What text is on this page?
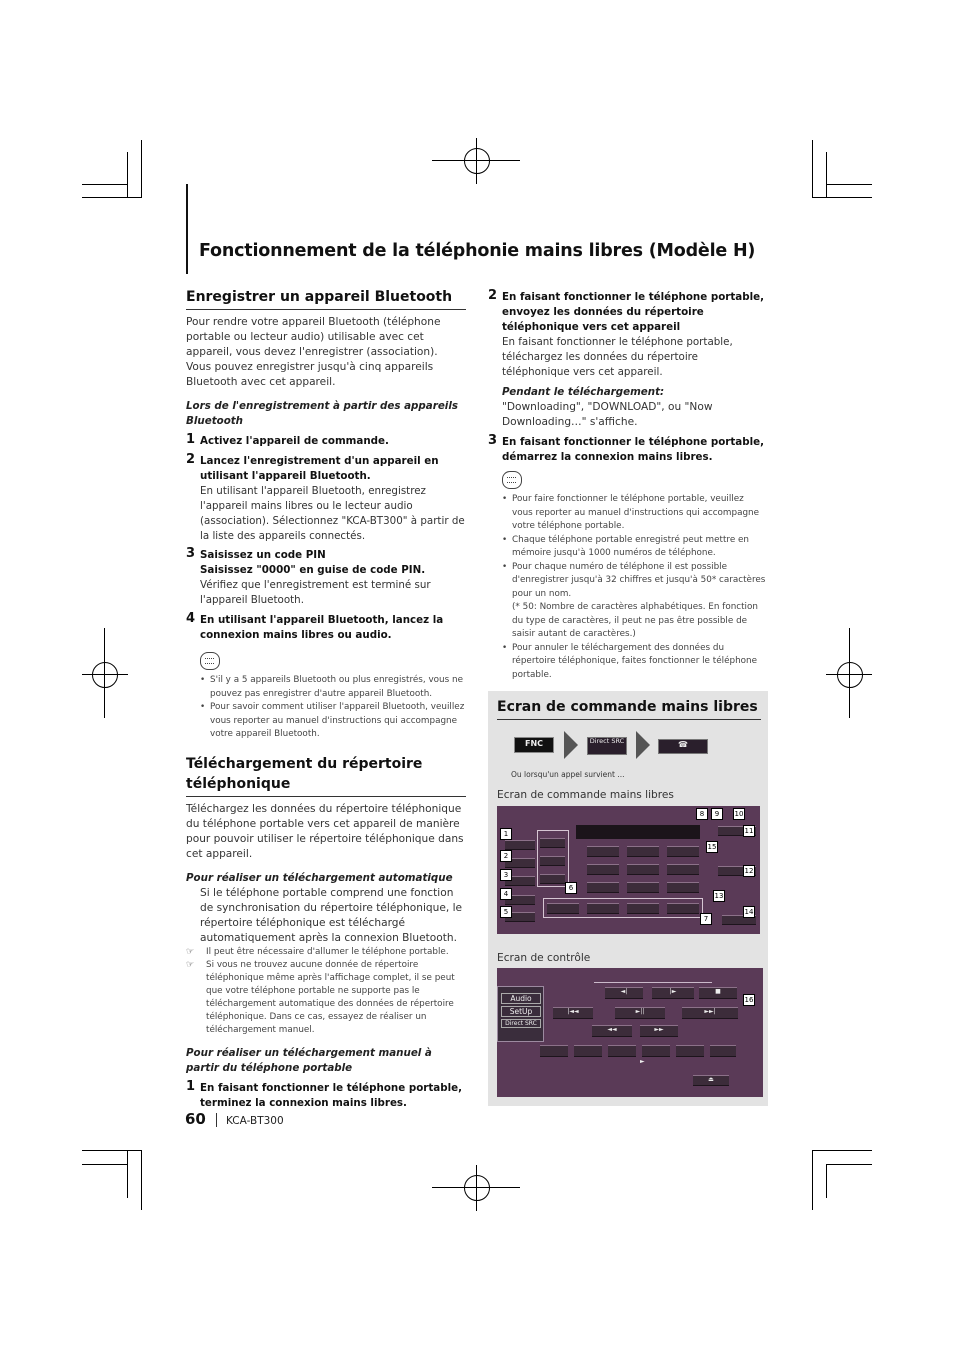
Fonctionnement de la téléphonie mains libres (Modèle H)

Enregistrer un appareil Bluetooth

Pour rendre votre appareil Bluetooth (téléphone portable ou lecteur audio) utilisable avec cet appareil, vous devez l'enregistrer (association). Vous pouvez enregistrer jusqu'à cinq appareils Bluetooth avec cet appareil.
Lors de l'enregistrement à partir des appareils Bluetooth
1 Activez l'appareil de commande.
2 Lancez l'enregistrement d'un appareil en utilisant l'appareil Bluetooth.
En utilisant l'appareil Bluetooth, enregistrez l'appareil mains libres ou le lecteur audio (association). Sélectionnez "KCA-BT300" à partir de la liste des appareils connectés.
3 Saisissez un code PIN
Saisissez "0000" en guise de code PIN.
Vérifiez que l'enregistrement est terminé sur l'appareil Bluetooth.
4 En utilisant l'appareil Bluetooth, lancez la connexion mains libres ou audio.
• S'il y a 5 appareils Bluetooth ou plus enregistrés, vous ne pouvez pas enregistrer d'autre appareil Bluetooth.
• Pour savoir comment utiliser l'appareil Bluetooth, veuillez vous reporter au manuel d'instructions qui accompagne votre appareil Bluetooth.

Téléchargement du répertoire téléphonique

Téléchargez les données du répertoire téléphonique du téléphone portable vers cet appareil de manière pour pouvoir utiliser le répertoire téléphonique dans cet appareil.
Pour réaliser un téléchargement automatique
Si le téléphone portable comprend une fonction de synchronisation du répertoire téléphonique, le répertoire téléphonique est téléchargé automatiquement après la connexion Bluetooth.
☞ Il peut être nécessaire d'allumer le téléphone portable.
☞ Si vous ne trouvez aucune donnée de répertoire téléphonique même après l'affichage complet, il se peut que votre téléphone portable ne supporte pas le téléchargement automatique des données de répertoire téléphonique. Dans ce cas, essayez de réaliser un téléchargement manuel.
Pour réaliser un téléchargement manuel à partir du téléphone portable
1 En faisant fonctionner le téléphone portable, terminez la connexion mains libres.
2 En faisant fonctionner le téléphone portable, envoyez les données du répertoire téléphonique vers cet appareil
En faisant fonctionner le téléphone portable, téléchargez les données du répertoire téléphonique vers cet appareil.
Pendant le téléchargement:
"Downloading", "DOWNLOAD", ou "Now Downloading…" s'affiche.
3 En faisant fonctionner le téléphone portable, démarrez la connexion mains libres.
• Pour faire fonctionner le téléphone portable, veuillez vous reporter au manuel d'instructions qui accompagne votre téléphone portable.
• Chaque téléphone portable enregistré peut mettre en mémoire jusqu'à 1000 numéros de téléphone.
• Pour chaque numéro de téléphone il est possible d'enregistrer jusqu'à 32 chiffres et jusqu'à 50* caractères pour un nom.
(* 50: Nombre de caractères alphabétiques. En fonction du type de caractères, il peut ne pas être possible de saisir autant de caractères.)
• Pour annuler le téléchargement des données du répertoire téléphonique, faites fonctionner le téléphone portable.

Ecran de commande mains libres

FNC	Direct SRC	☎
Ou lorsqu'un appel survient ...
Ecran de commande mains libres
Ecran de contrôle
1
2
3
4
5
6
7
8	9	10
11
12
13
14
15
Audio
SetUp
Direct SRC
◄|	|►	■
|◄◄	►||	►►|
◄◄	►►
►
⏏
16
60 KCA-BT300
